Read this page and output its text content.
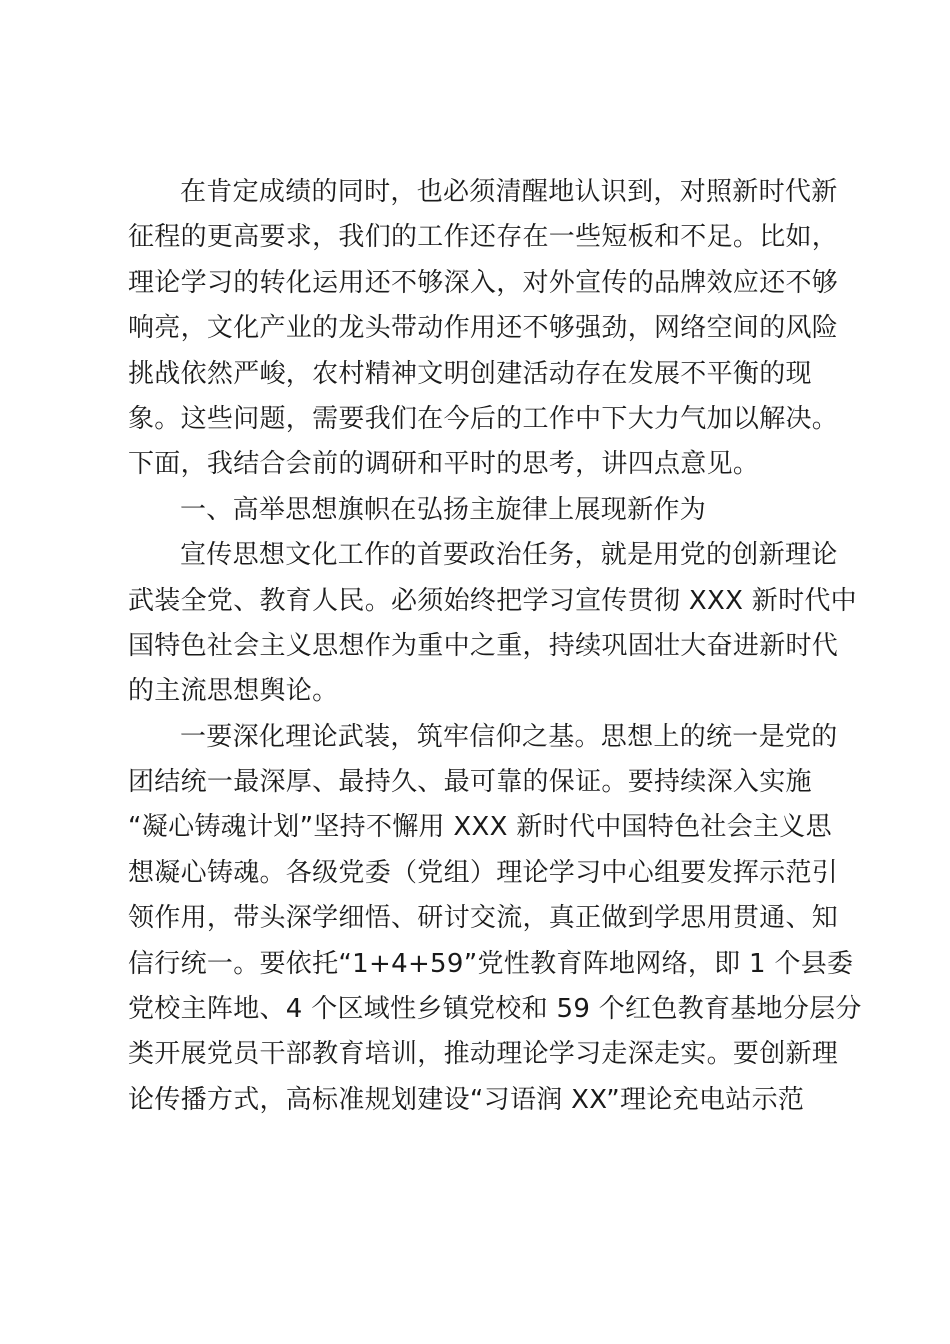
在肯定成绩的同时，也必须清醒地认识到，对照新时代新
征程的更高要求，我们的工作还存在一些短板和不足。比如，
理论学习的转化运用还不够深入，对外宣传的品牌效应还不够
响亮，文化产业的龙头带动作用还不够强劲，网络空间的风险
挑战依然严峻，农村精神文明创建活动存在发展不平衡的现
象。这些问题，需要我们在今后的工作中下大力气加以解决。
下面，我结合会前的调研和平时的思考，讲四点意见。
一、高举思想旗帜在弘扬主旋律上展现新作为
宣传思想文化工作的首要政治任务，就是用党的创新理论
武装全党、教育人民。必须始终把学习宣传贯彻 XXX 新时代中
国特色社会主义思想作为重中之重，持续巩固壮大奋进新时代
的主流思想舆论。
一要深化理论武装，筑牢信仰之基。思想上的统一是党的
团结统一最深厚、最持久、最可靠的保证。要持续深入实施
“凝心铸魂计划”坚持不懈用 XXX 新时代中国特色社会主义思
想凝心铸魂。各级党委（党组）理论学习中心组要发挥示范引
领作用，带头深学细悟、研讨交流，真正做到学思用贯通、知
信行统一。要依托“1+4+59”党性教育阵地网络，即 1 个县委
党校主阵地、4 个区域性乡镇党校和 59 个红色教育基地分层分
类开展党员干部教育培训，推动理论学习走深走实。要创新理
论传播方式，高标准规划建设“习语润 XX”理论充电站示范
